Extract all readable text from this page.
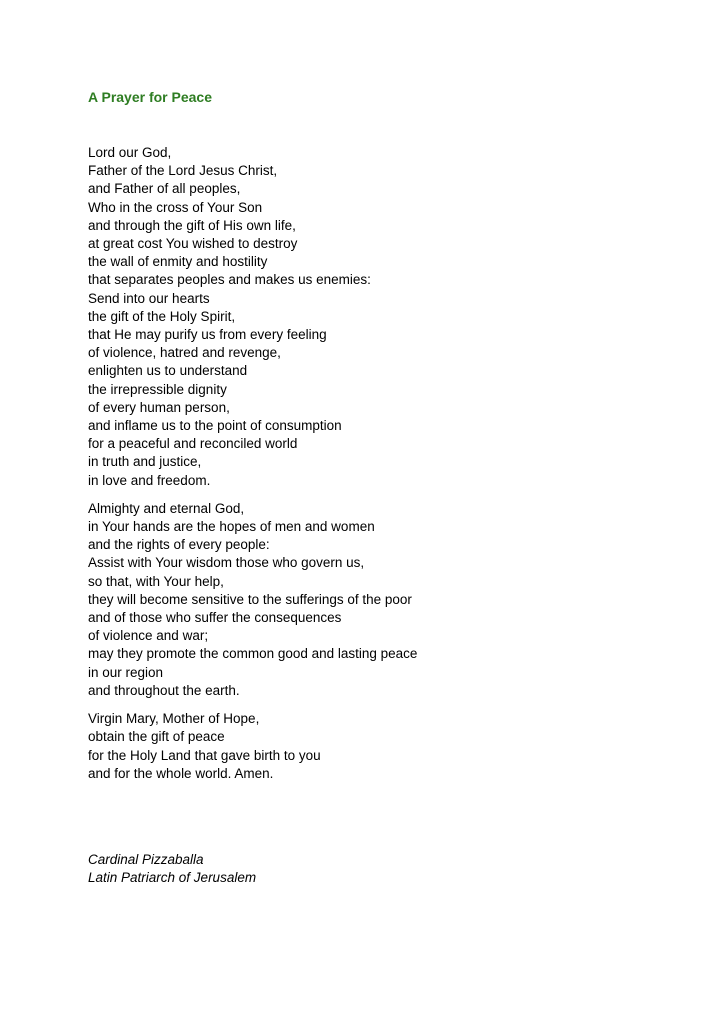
A Prayer for Peace
Lord our God,
Father of the Lord Jesus Christ,
and Father of all peoples,
Who in the cross of Your Son
and through the gift of His own life,
at great cost You wished to destroy
the wall of enmity and hostility
that separates peoples and makes us enemies:
Send into our hearts
the gift of the Holy Spirit,
that He may purify us from every feeling
of violence, hatred and revenge,
enlighten us to understand
the irrepressible dignity
of every human person,
and inflame us to the point of consumption
for a peaceful and reconciled world
in truth and justice,
in love and freedom.
Almighty and eternal God,
in Your hands are the hopes of men and women
and the rights of every people:
Assist with Your wisdom those who govern us,
so that, with Your help,
they will become sensitive to the sufferings of the poor
and of those who suffer the consequences
of violence and war;
may they promote the common good and lasting peace
in our region
and throughout the earth.
Virgin Mary, Mother of Hope,
obtain the gift of peace
for the Holy Land that gave birth to you
and for the whole world. Amen.
Cardinal Pizzaballa
Latin Patriarch of Jerusalem
